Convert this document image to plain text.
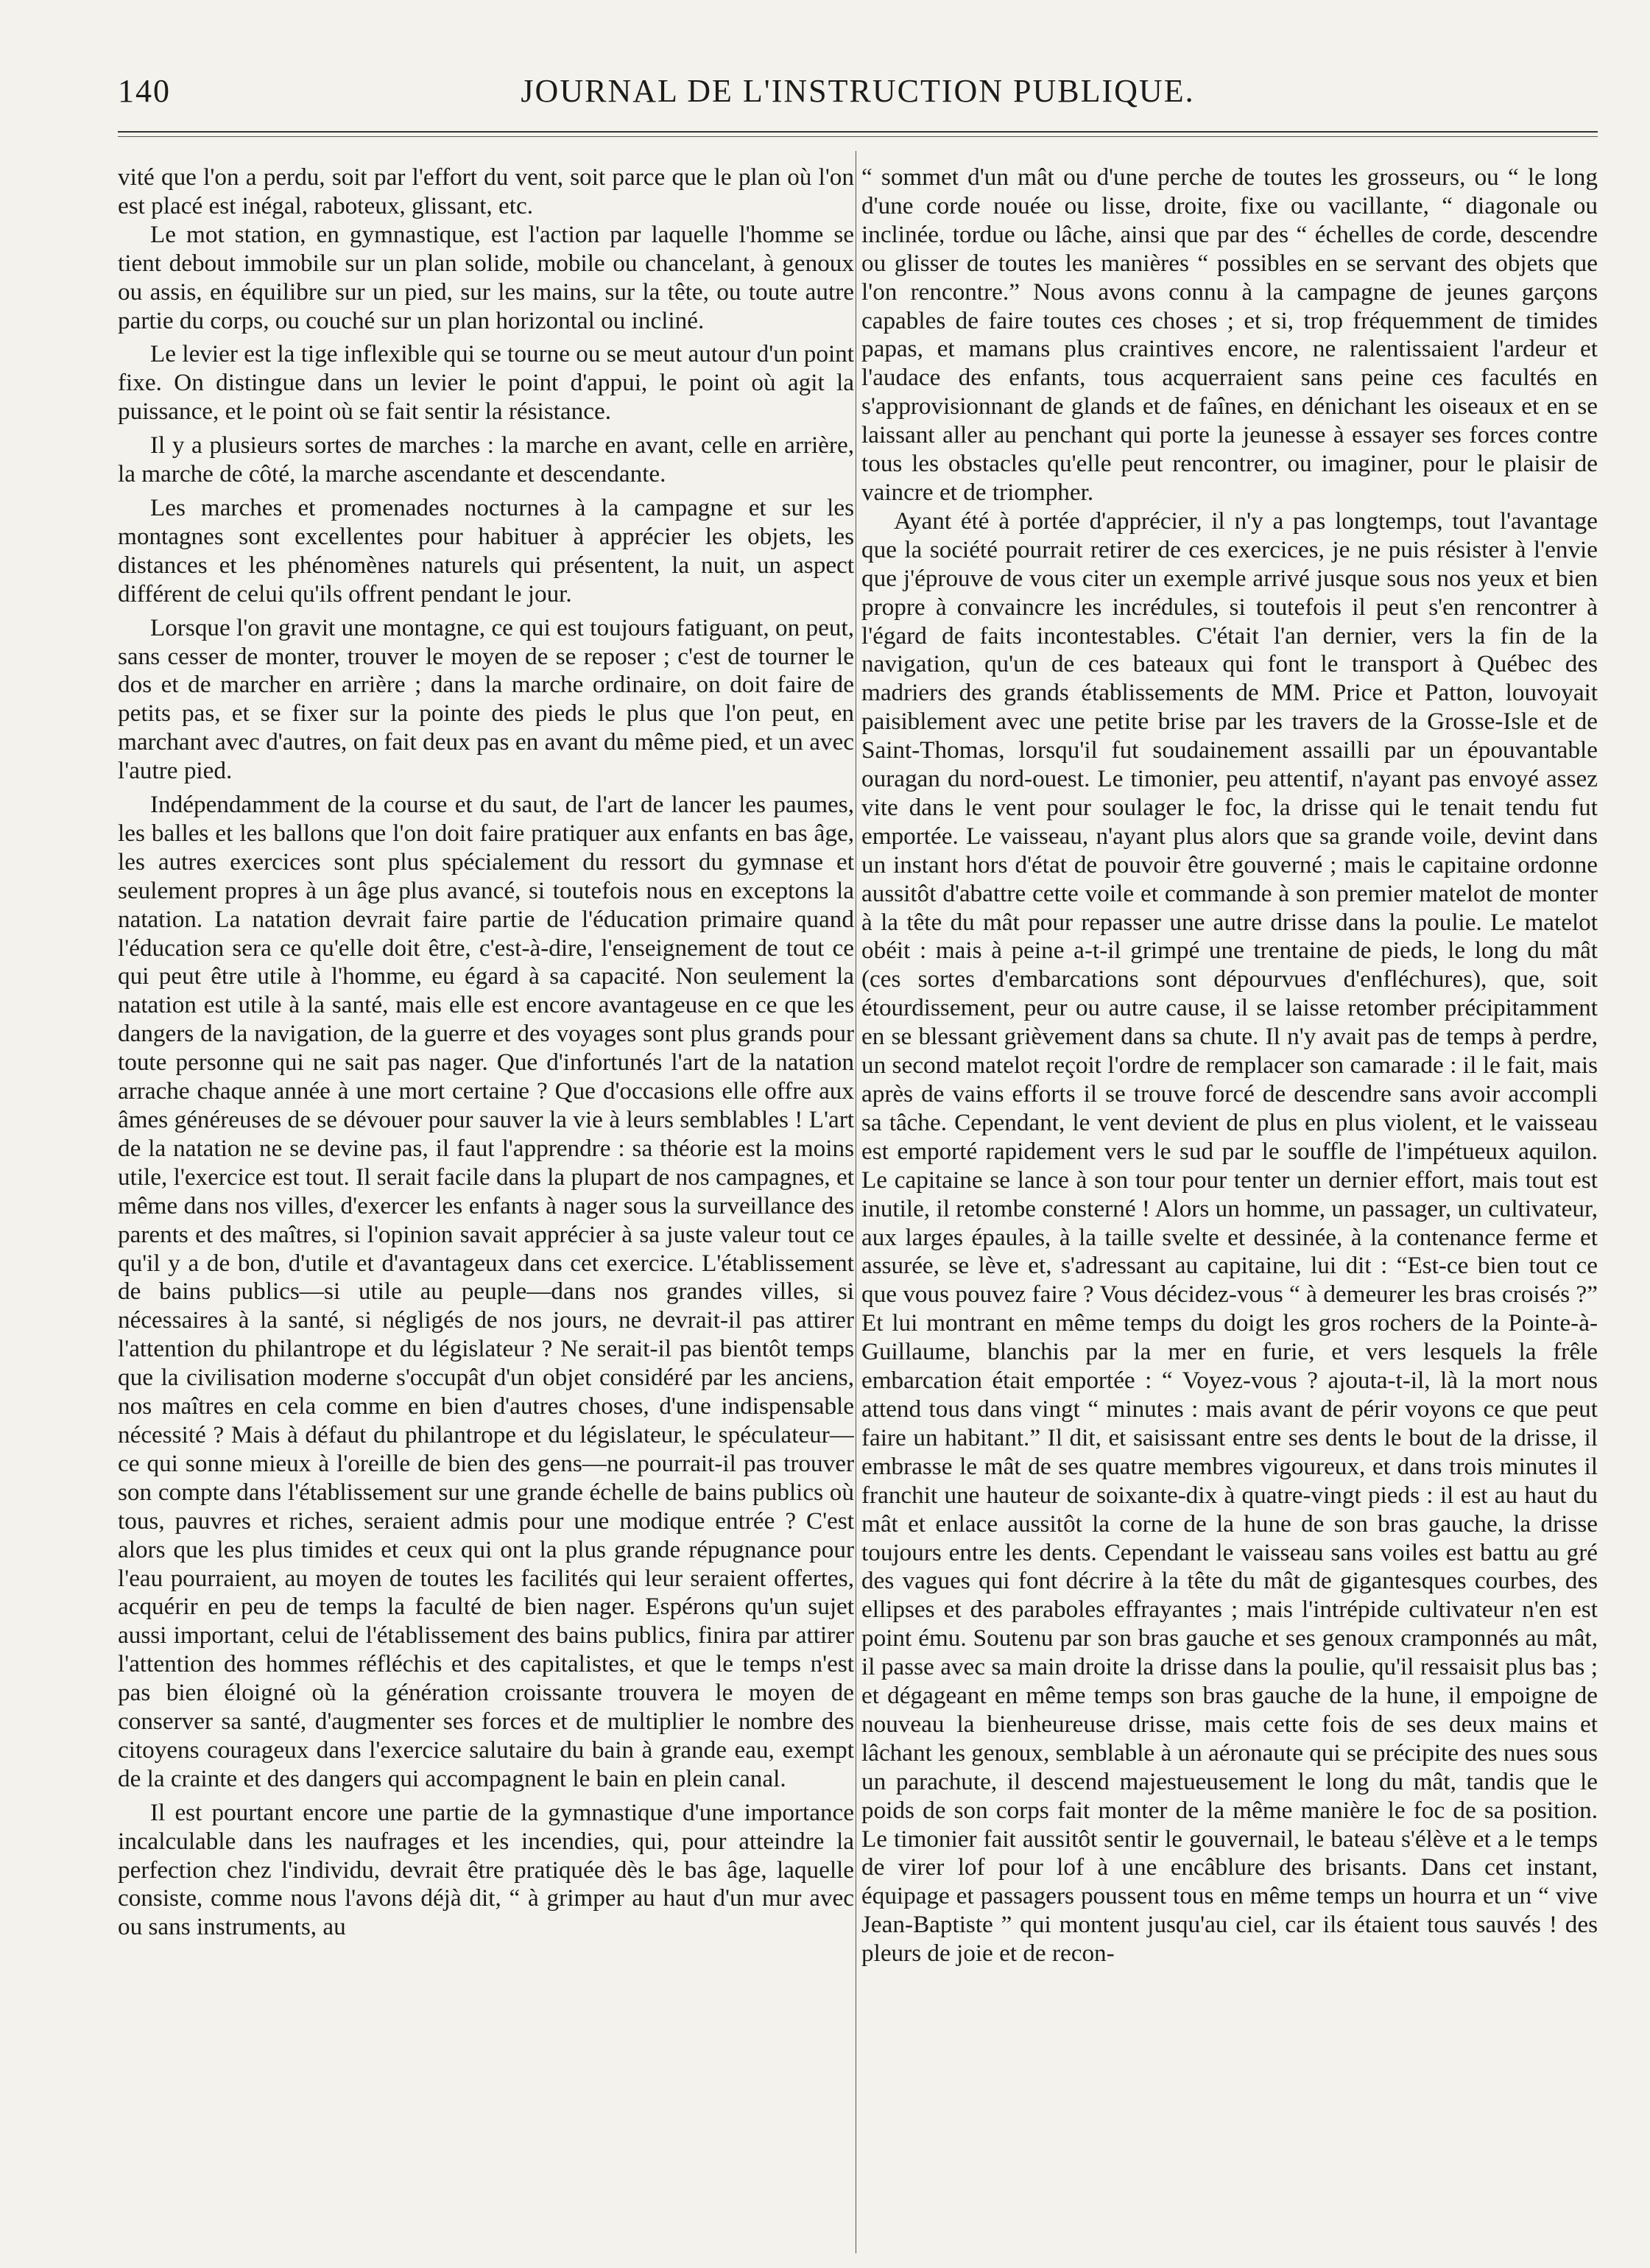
140	JOURNAL DE L'INSTRUCTION PUBLIQUE.

vité que l'on a perdu, soit par l'effort du vent, soit parce que le plan où l'on est placé est inégal, raboteux, glissant, etc.

Le mot station, en gymnastique, est l'action par laquelle l'homme se tient debout immobile sur un plan solide, mobile ou chancelant, à genoux ou assis, en équilibre sur un pied, sur les mains, sur la tête, ou toute autre partie du corps, ou couché sur un plan horizontal ou incliné.

Le levier est la tige inflexible qui se tourne ou se meut autour d'un point fixe. On distingue dans un levier le point d'appui, le point où agit la puissance, et le point où se fait sentir la résistance.

Il y a plusieurs sortes de marches : la marche en avant, celle en arrière, la marche de côté, la marche ascendante et descendante.

Les marches et promenades nocturnes à la campagne et sur les montagnes sont excellentes pour habituer à apprécier les objets, les distances et les phénomènes naturels qui présentent, la nuit, un aspect différent de celui qu'ils offrent pendant le jour.

Lorsque l'on gravit une montagne, ce qui est toujours fatiguant, on peut, sans cesser de monter, trouver le moyen de se reposer ; c'est de tourner le dos et de marcher en arrière ; dans la marche ordinaire, on doit faire de petits pas, et se fixer sur la pointe des pieds le plus que l'on peut, en marchant avec d'autres, on fait deux pas en avant du même pied, et un avec l'autre pied.

Indépendamment de la course et du saut, de l'art de lancer les paumes, les balles et les ballons que l'on doit faire pratiquer aux enfants en bas âge, les autres exercices sont plus spécialement du ressort du gymnase et seulement propres à un âge plus avancé, si toutefois nous en exceptons la natation. La natation devrait faire partie de l'éducation primaire quand l'éducation sera ce qu'elle doit être, c'est-à-dire, l'enseignement de tout ce qui peut être utile à l'homme, eu égard à sa capacité. Non seulement la natation est utile à la santé, mais elle est encore avantageuse en ce que les dangers de la navigation, de la guerre et des voyages sont plus grands pour toute personne qui ne sait pas nager. Que d'infortunés l'art de la natation arrache chaque année à une mort certaine ? Que d'occasions elle offre aux âmes généreuses de se dévouer pour sauver la vie à leurs semblables ! L'art de la natation ne se devine pas, il faut l'apprendre : sa théorie est la moins utile, l'exercice est tout. Il serait facile dans la plupart de nos campagnes, et même dans nos villes, d'exercer les enfants à nager sous la surveillance des parents et des maîtres, si l'opinion savait apprécier à sa juste valeur tout ce qu'il y a de bon, d'utile et d'avantageux dans cet exercice. L'établissement de bains publics—si utile au peuple—dans nos grandes villes, si nécessaires à la santé, si négligés de nos jours, ne devrait-il pas attirer l'attention du philantrope et du législateur ? Ne serait-il pas bientôt temps que la civilisation moderne s'occupât d'un objet considéré par les anciens, nos maîtres en cela comme en bien d'autres choses, d'une indispensable nécessité ? Mais à défaut du philantrope et du législateur, le spéculateur—ce qui sonne mieux à l'oreille de bien des gens—ne pourrait-il pas trouver son compte dans l'établissement sur une grande échelle de bains publics où tous, pauvres et riches, seraient admis pour une modique entrée ? C'est alors que les plus timides et ceux qui ont la plus grande répugnance pour l'eau pourraient, au moyen de toutes les facilités qui leur seraient offertes, acquérir en peu de temps la faculté de bien nager. Espérons qu'un sujet aussi important, celui de l'établissement des bains publics, finira par attirer l'attention des hommes réfléchis et des capitalistes, et que le temps n'est pas bien éloigné où la génération croissante trouvera le moyen de conserver sa santé, d'augmenter ses forces et de multiplier le nombre des citoyens courageux dans l'exercice salutaire du bain à grande eau, exempt de la crainte et des dangers qui accompagnent le bain en plein canal.

Il est pourtant encore une partie de la gymnastique d'une importance incalculable dans les naufrages et les incendies, qui, pour atteindre la perfection chez l'individu, devrait être pratiquée dès le bas âge, laquelle consiste, comme nous l'avons déjà dit, “ à grimper au haut d'un mur avec ou sans instruments, au

“ sommet d'un mât ou d'une perche de toutes les grosseurs, ou “ le long d'une corde nouée ou lisse, droite, fixe ou vacillante, “ diagonale ou inclinée, tordue ou lâche, ainsi que par des “ échelles de corde, descendre ou glisser de toutes les manières “ possibles en se servant des objets que l'on rencontre.” Nous avons connu à la campagne de jeunes garçons capables de faire toutes ces choses ; et si, trop fréquemment de timides papas, et mamans plus craintives encore, ne ralentissaient l'ardeur et l'audace des enfants, tous acquerraient sans peine ces facultés en s'approvisionnant de glands et de faînes, en dénichant les oiseaux et en se laissant aller au penchant qui porte la jeunesse à essayer ses forces contre tous les obstacles qu'elle peut rencontrer, ou imaginer, pour le plaisir de vaincre et de triompher.

Ayant été à portée d'apprécier, il n'y a pas longtemps, tout l'avantage que la société pourrait retirer de ces exercices, je ne puis résister à l'envie que j'éprouve de vous citer un exemple arrivé jusque sous nos yeux et bien propre à convaincre les incrédules, si toutefois il peut s'en rencontrer à l'égard de faits incontestables. C'était l'an dernier, vers la fin de la navigation, qu'un de ces bateaux qui font le transport à Québec des madriers des grands établissements de MM. Price et Patton, louvoyait paisiblement avec une petite brise par les travers de la Grosse-Isle et de Saint-Thomas, lorsqu'il fut soudainement assailli par un épouvantable ouragan du nord-ouest. Le timonier, peu attentif, n'ayant pas envoyé assez vite dans le vent pour soulager le foc, la drisse qui le tenait tendu fut emportée. Le vaisseau, n'ayant plus alors que sa grande voile, devint dans un instant hors d'état de pouvoir être gouverné ; mais le capitaine ordonne aussitôt d'abattre cette voile et commande à son premier matelot de monter à la tête du mât pour repasser une autre drisse dans la poulie. Le matelot obéit : mais à peine a-t-il grimpé une trentaine de pieds, le long du mât (ces sortes d'embarcations sont dépourvues d'enfléchures), que, soit étourdissement, peur ou autre cause, il se laisse retomber précipitamment en se blessant grièvement dans sa chute. Il n'y avait pas de temps à perdre, un second matelot reçoit l'ordre de remplacer son camarade : il le fait, mais après de vains efforts il se trouve forcé de descendre sans avoir accompli sa tâche. Cependant, le vent devient de plus en plus violent, et le vaisseau est emporté rapidement vers le sud par le souffle de l'impétueux aquilon. Le capitaine se lance à son tour pour tenter un dernier effort, mais tout est inutile, il retombe consterné ! Alors un homme, un passager, un cultivateur, aux larges épaules, à la taille svelte et dessinée, à la contenance ferme et assurée, se lève et, s'adressant au capitaine, lui dit : “Est-ce bien tout ce que vous pouvez faire ? Vous décidez-vous “ à demeurer les bras croisés ?” Et lui montrant en même temps du doigt les gros rochers de la Pointe-à-Guillaume, blanchis par la mer en furie, et vers lesquels la frêle embarcation était emportée : “ Voyez-vous ? ajouta-t-il, là la mort nous attend tous dans vingt “ minutes : mais avant de périr voyons ce que peut faire un habitant.” Il dit, et saisissant entre ses dents le bout de la drisse, il embrasse le mât de ses quatre membres vigoureux, et dans trois minutes il franchit une hauteur de soixante-dix à quatre-vingt pieds : il est au haut du mât et enlace aussitôt la corne de la hune de son bras gauche, la drisse toujours entre les dents. Cependant le vaisseau sans voiles est battu au gré des vagues qui font décrire à la tête du mât de gigantesques courbes, des ellipses et des paraboles effrayantes ; mais l'intrépide cultivateur n'en est point ému. Soutenu par son bras gauche et ses genoux cramponnés au mât, il passe avec sa main droite la drisse dans la poulie, qu'il ressaisit plus bas ; et dégageant en même temps son bras gauche de la hune, il empoigne de nouveau la bienheureuse drisse, mais cette fois de ses deux mains et lâchant les genoux, semblable à un aéronaute qui se précipite des nues sous un parachute, il descend majestueusement le long du mât, tandis que le poids de son corps fait monter de la même manière le foc de sa position. Le timonier fait aussitôt sentir le gouvernail, le bateau s'élève et a le temps de virer lof pour lof à une encâblure des brisants. Dans cet instant, équipage et passagers poussent tous en même temps un hourra et un “ vive Jean-Baptiste ” qui montent jusqu'au ciel, car ils étaient tous sauvés ! des pleurs de joie et de recon-
